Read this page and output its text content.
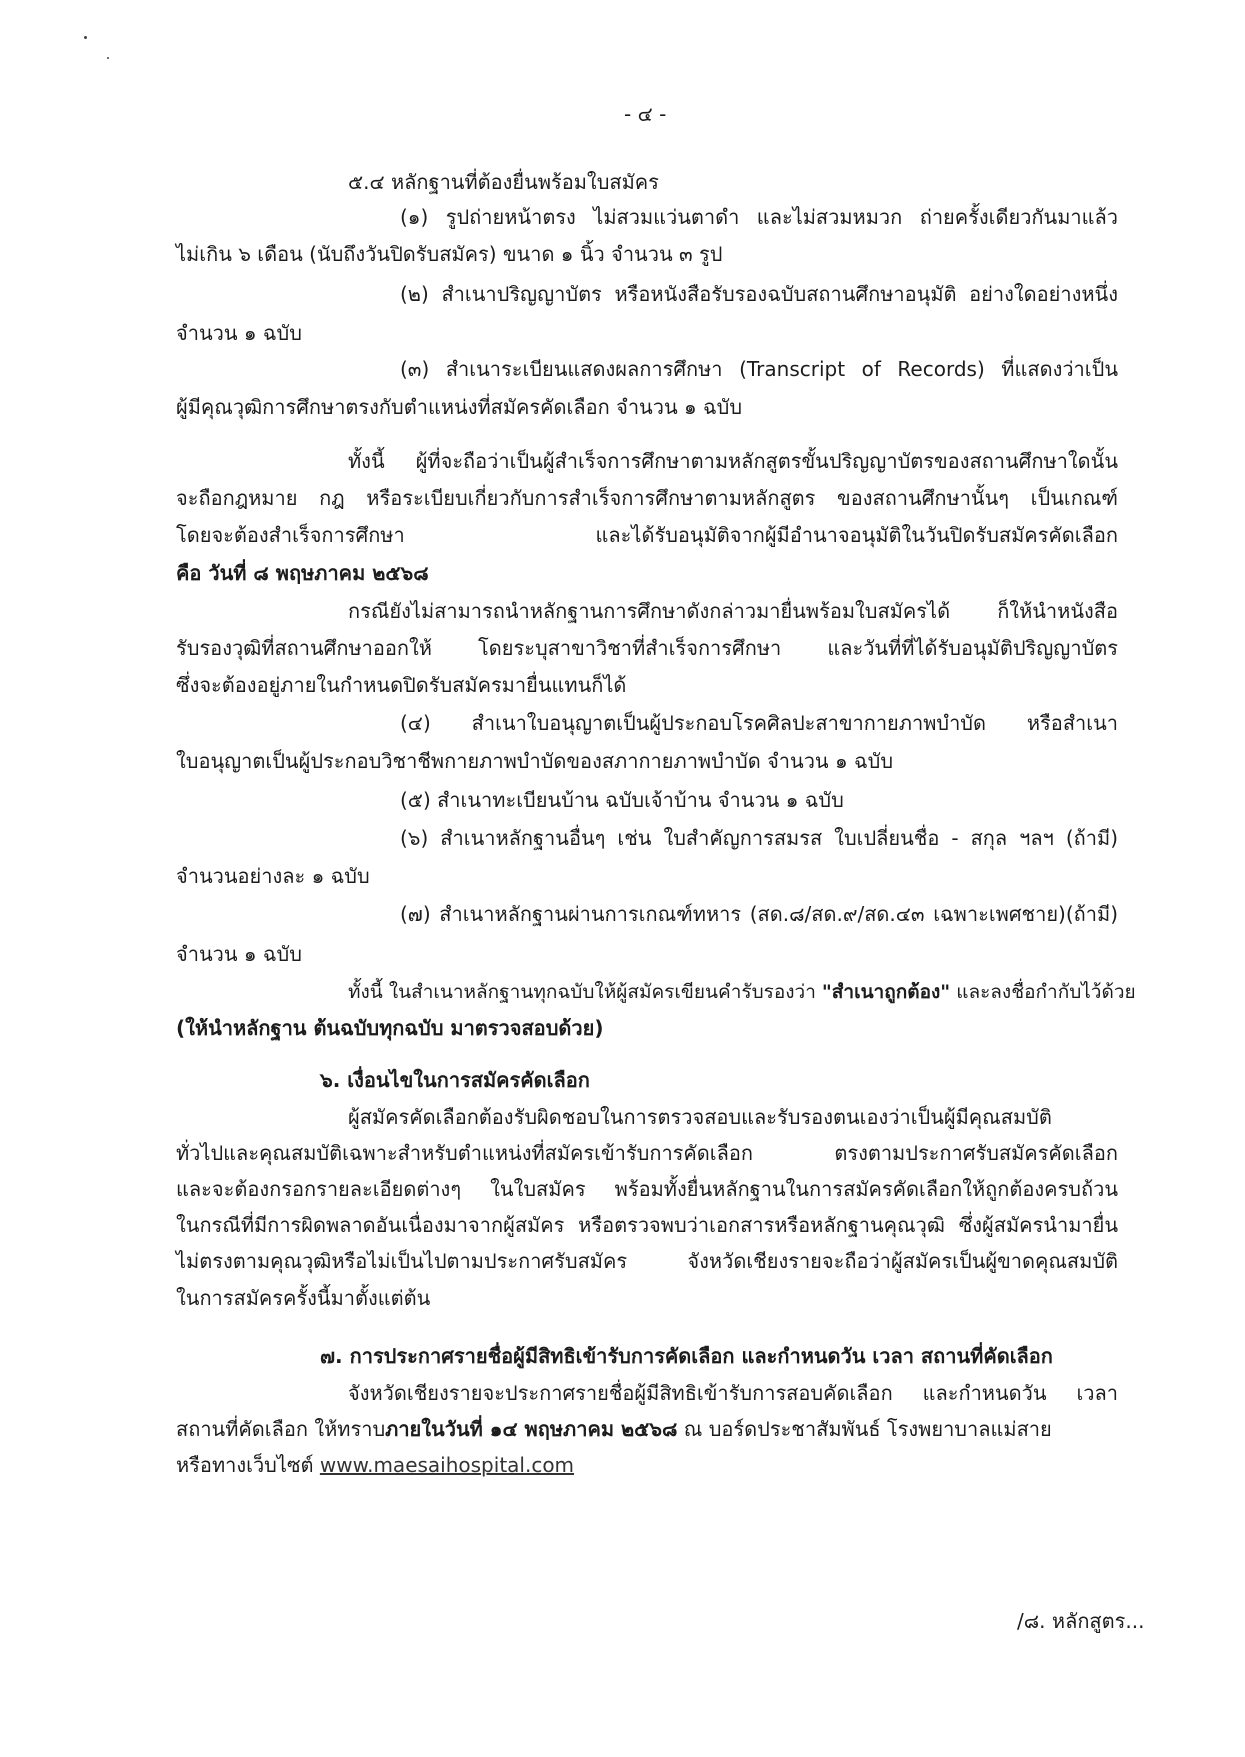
- ๔ -
๕.๔ หลักฐานที่ต้องยื่นพร้อมใบสมัคร
(๑) รูปถ่ายหน้าตรง ไม่สวมแว่นตาดำ และไม่สวมหมวก ถ่ายครั้งเดียวกันมาแล้ว
ไม่เกิน ๖ เดือน (นับถึงวันปิดรับสมัคร) ขนาด ๑ นิ้ว จำนวน ๓ รูป
(๒) สำเนาปริญญาบัตร หรือหนังสือรับรองฉบับสถานศึกษาอนุมัติ อย่างใดอย่างหนึ่ง
จำนวน ๑ ฉบับ
(๓) สำเนาระเบียนแสดงผลการศึกษา (Transcript of Records) ที่แสดงว่าเป็น
ผู้มีคุณวุฒิการศึกษาตรงกับตำแหน่งที่สมัครคัดเลือก จำนวน ๑ ฉบับ
ทั้งนี้ ผู้ที่จะถือว่าเป็นผู้สำเร็จการศึกษาตามหลักสูตรขั้นปริญญาบัตรของสถานศึกษาใดนั้น
จะถือกฎหมาย กฎ หรือระเบียบเกี่ยวกับการสำเร็จการศึกษาตามหลักสูตร ของสถานศึกษานั้นๆ เป็นเกณฑ์
โดยจะต้องสำเร็จการศึกษา และได้รับอนุมัติจากผู้มีอำนาจอนุมัติในวันปิดรับสมัครคัดเลือก
คือ วันที่ ๘ พฤษภาคม ๒๕๖๘
กรณียังไม่สามารถนำหลักฐานการศึกษาดังกล่าวมายื่นพร้อมใบสมัครได้ ก็ให้นำหนังสือ
รับรองวุฒิที่สถานศึกษาออกให้ โดยระบุสาขาวิชาที่สำเร็จการศึกษา และวันที่ที่ได้รับอนุมัติปริญญาบัตร
ซึ่งจะต้องอยู่ภายในกำหนดปิดรับสมัครมายื่นแทนก็ได้
(๔) สำเนาใบอนุญาตเป็นผู้ประกอบโรคศิลปะสาขากายภาพบำบัด หรือสำเนา
ใบอนุญาตเป็นผู้ประกอบวิชาชีพกายภาพบำบัดของสภากายภาพบำบัด จำนวน ๑ ฉบับ
(๕) สำเนาทะเบียนบ้าน ฉบับเจ้าบ้าน จำนวน ๑ ฉบับ
(๖) สำเนาหลักฐานอื่นๆ เช่น ใบสำคัญการสมรส ใบเปลี่ยนชื่อ - สกุล ฯลฯ (ถ้ามี)
จำนวนอย่างละ ๑ ฉบับ
(๗) สำเนาหลักฐานผ่านการเกณฑ์ทหาร (สด.๘/สด.๙/สด.๔๓ เฉพาะเพศชาย)(ถ้ามี)
จำนวน ๑ ฉบับ
ทั้งนี้ ในสำเนาหลักฐานทุกฉบับให้ผู้สมัครเขียนคำรับรองว่า "สำเนาถูกต้อง" และลงชื่อกำกับไว้ด้วย
(ให้นำหลักฐาน ต้นฉบับทุกฉบับ มาตรวจสอบด้วย)
๖. เงื่อนไขในการสมัครคัดเลือก
ผู้สมัครคัดเลือกต้องรับผิดชอบในการตรวจสอบและรับรองตนเองว่าเป็นผู้มีคุณสมบัติ
ทั่วไปและคุณสมบัติเฉพาะสำหรับตำแหน่งที่สมัครเข้ารับการคัดเลือก ตรงตามประกาศรับสมัครคัดเลือก
และจะต้องกรอกรายละเอียดต่างๆ ในใบสมัคร พร้อมทั้งยื่นหลักฐานในการสมัครคัดเลือกให้ถูกต้องครบถ้วน
ในกรณีที่มีการผิดพลาดอันเนื่องมาจากผู้สมัคร หรือตรวจพบว่าเอกสารหรือหลักฐานคุณวุฒิ ซึ่งผู้สมัครนำมายื่น
ไม่ตรงตามคุณวุฒิหรือไม่เป็นไปตามประกาศรับสมัคร จังหวัดเชียงรายจะถือว่าผู้สมัครเป็นผู้ขาดคุณสมบัติ
ในการสมัครครั้งนี้มาตั้งแต่ต้น
๗. การประกาศรายชื่อผู้มีสิทธิเข้ารับการคัดเลือก และกำหนดวัน เวลา สถานที่คัดเลือก
จังหวัดเชียงรายจะประกาศรายชื่อผู้มีสิทธิเข้ารับการสอบคัดเลือก และกำหนดวัน เวลา
สถานที่คัดเลือก ให้ทราบภายในวันที่ ๑๔ พฤษภาคม ๒๕๖๘ ณ บอร์ดประชาสัมพันธ์ โรงพยาบาลแม่สาย
หรือทางเว็บไซต์ www.maesaihospital.com
/๘. หลักสูตร...
